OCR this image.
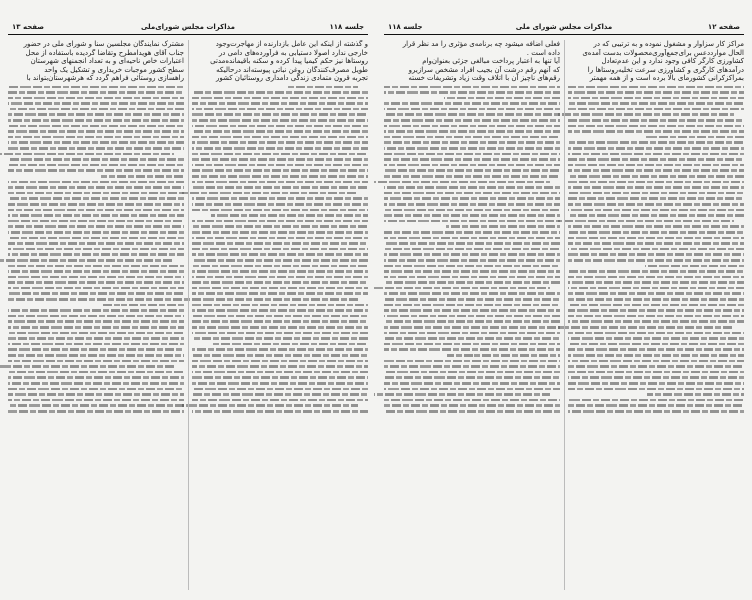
صفحه ۱۳	مذاکرات مجلس شورای‌ملی	جلسه ۱۱۸
و گذشته از اینکه این عامل بازدارنده از مهاجرت‌وجود
خارجی ندارد اصولا دستیابی به فرآورده‌های دامی در
روستاها نیز حکم کیمیا پیدا کرده و سکنه باقیمانده‌مدتی
طویل مصرف‌کنندگان روغن نباتی پیوسته‌اند درحالیکه
تجربه قرون متمادی زندگی دامداری روستائیان کشور
مشترک نمایندگان مجلسین سنا و شورای ملی در حضور
جناب آقای هویدامطرح وتقاضا گردیده باستفاده از محل
اعتبارات خاص ناحیه‌ای و به تعداد انجمنهای شهرستان
سطح کشور موجبات خریداری و تشکیل یک واحد
راهسازی روستائی فراهم گردد که هرشهرستان‌بتواند با
جلسه ۱۱۸	مذاکرات مجلس شورای ملی	صفحه ۱۲
مراکز کار سزاوار و مشغول نموده و به ترتیبی که در
الحال موارددعس برای‌جمع‌آوری‌محصولات بدست آمده‌ی
کشاورزی کارگر کافی وجود ندارد و این عدم‌تعادل
درآمدهای کارگری و کشاورزی سرعت تخلیه‌روستاها را
بمراکزکرانی کشورمای بالا برده است و از همه مهمتر
فعلی اضافه میشود چه برنامه‌ی مؤثری را مد نظر قرار
داده است .
آیا تنها به اعتبار پرداخت مبالغی جزئی بعنوان‌وام
که آنهم رقم درشت آن بجیب افراد مشخص سرازیرو
رقم‌های ناچیز آن با اتلاف وقت زیاد وتشریفات خسته
